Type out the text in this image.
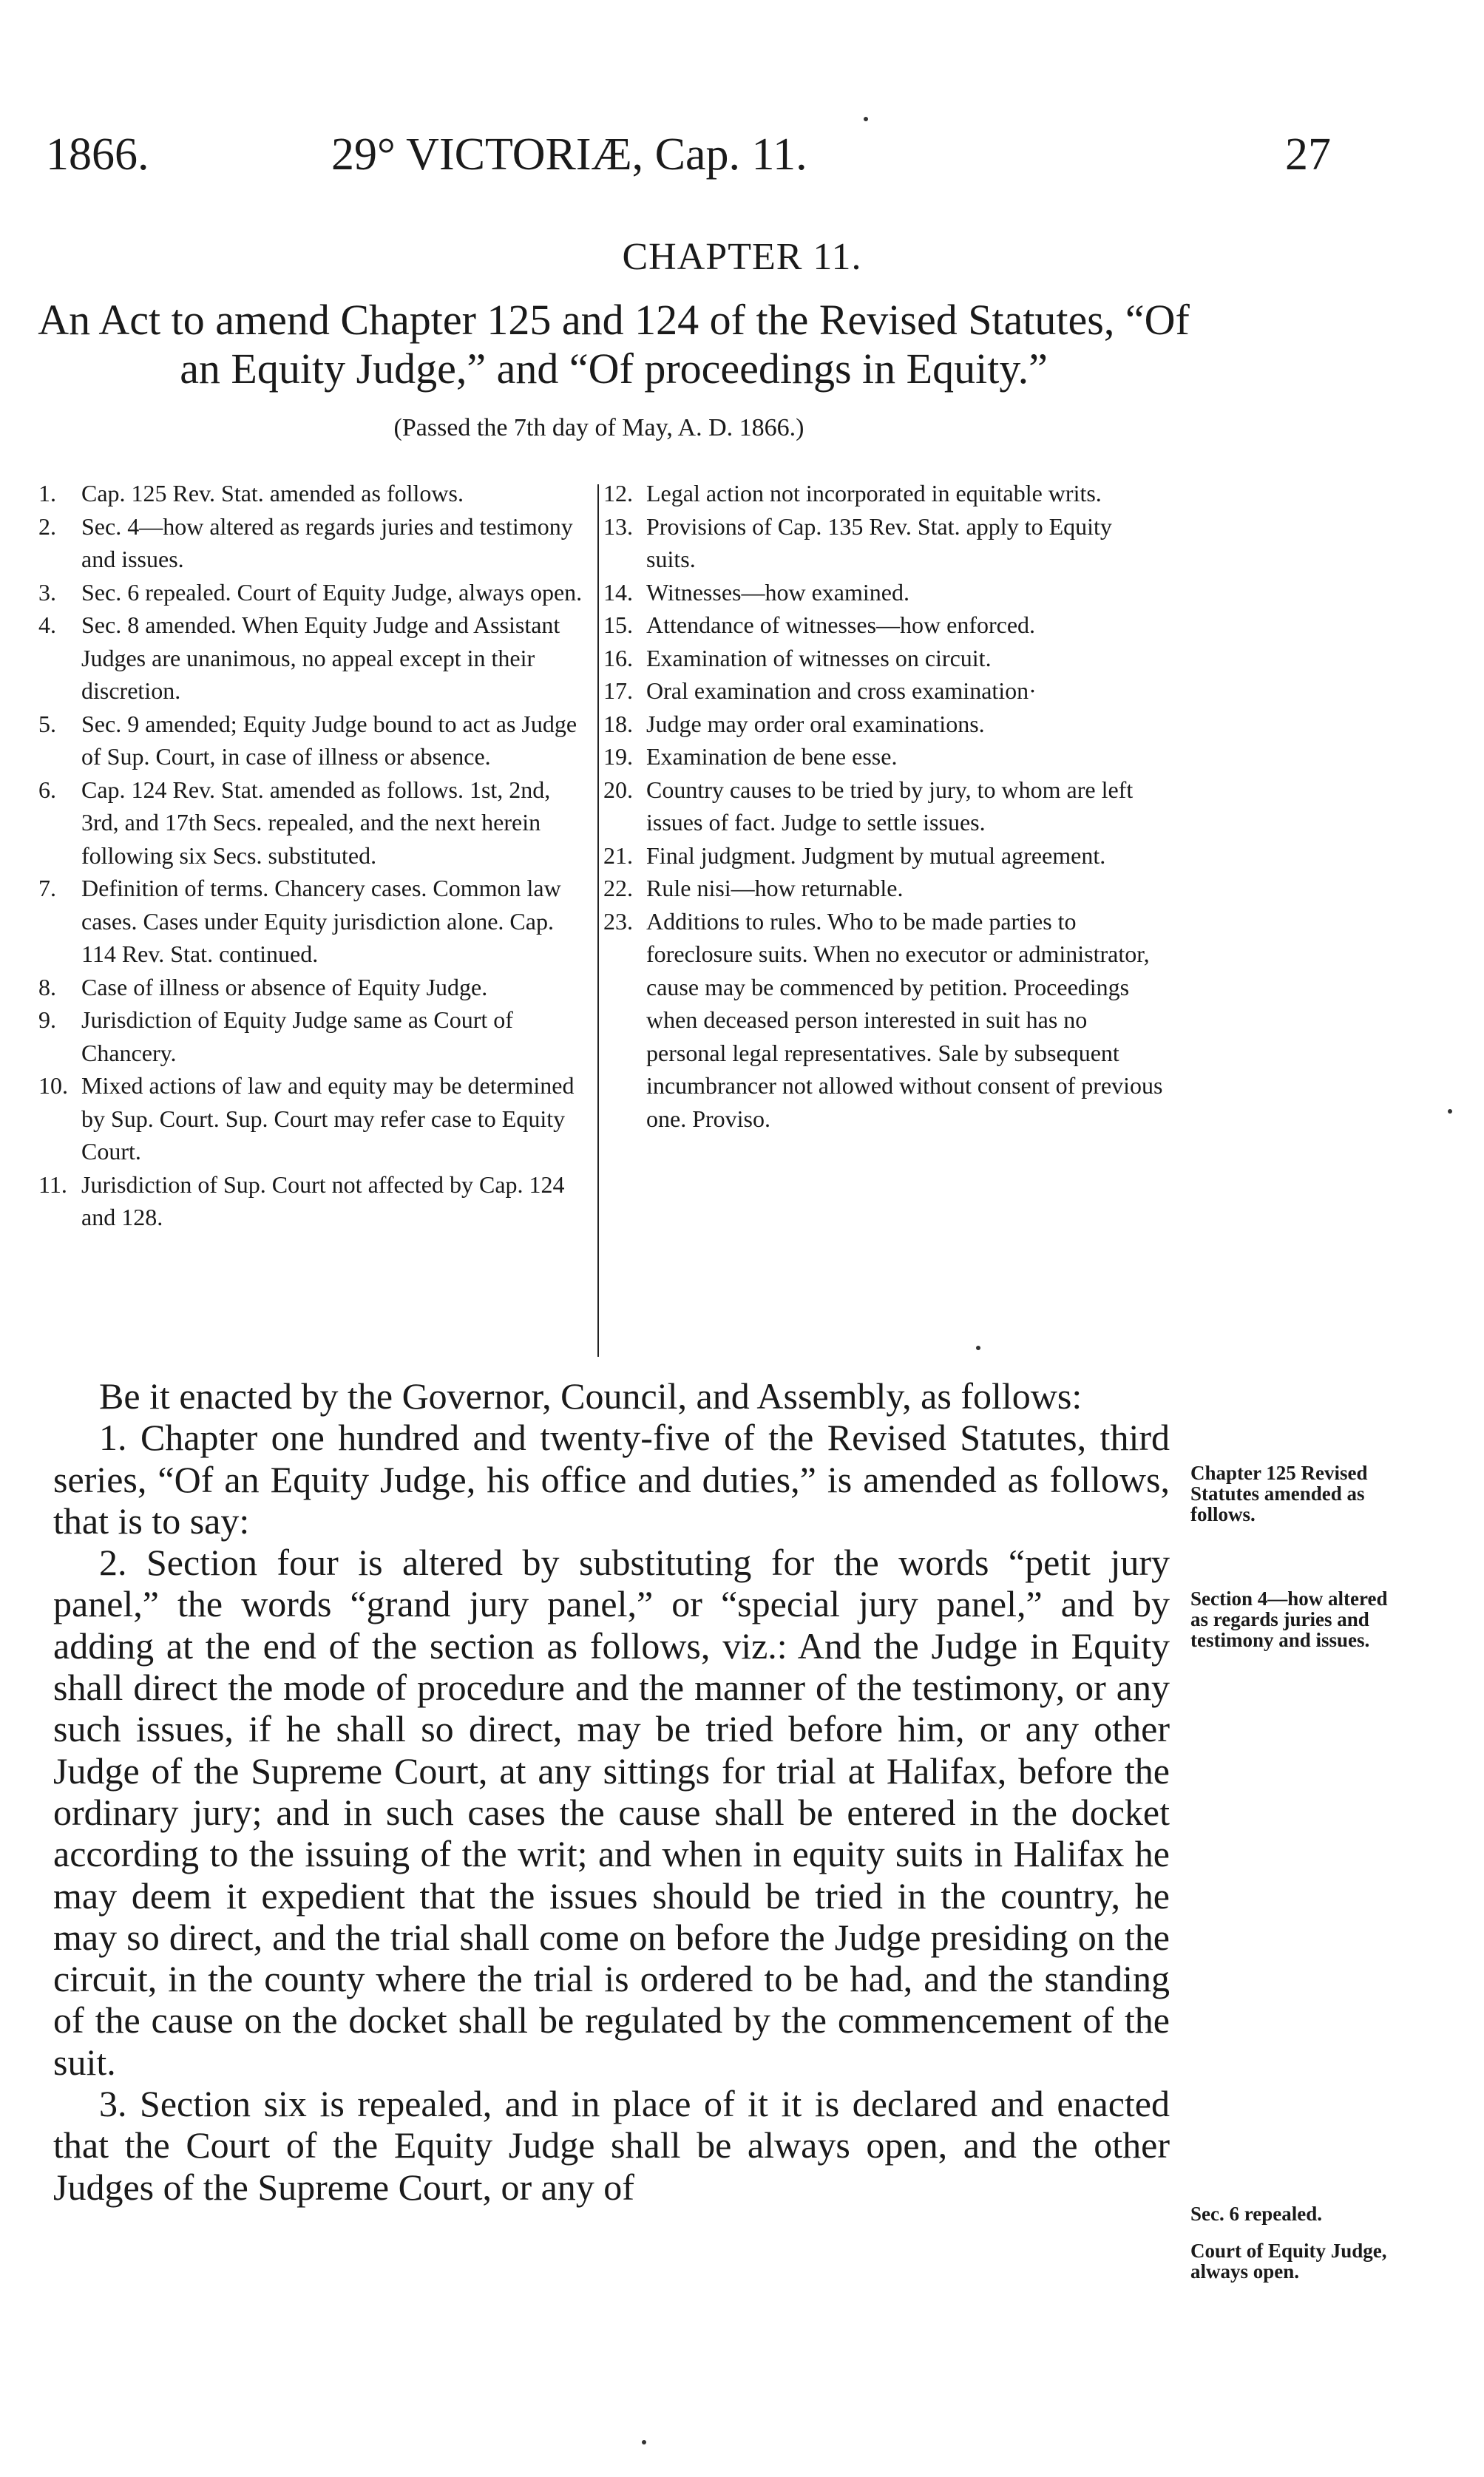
1866.	29° VICTORIÆ, Cap. 11.	27
CHAPTER 11.
An Act to amend Chapter 125 and 124 of the Revised Statutes, “Of an Equity Judge,” and “Of proceedings in Equity.”
(Passed the 7th day of May, A. D. 1866.)
1. Cap. 125 Rev. Stat. amended as follows.
2. Sec. 4—how altered as regards juries and testimony and issues.
3. Sec. 6 repealed. Court of Equity Judge, always open.
4. Sec. 8 amended. When Equity Judge and Assistant Judges are unanimous, no appeal except in their discretion.
5. Sec. 9 amended; Equity Judge bound to act as Judge of Sup. Court, in case of illness or absence.
6. Cap. 124 Rev. Stat. amended as follows. 1st, 2nd, 3rd, and 17th Secs. repealed, and the next herein following six Secs. substituted.
7. Definition of terms. Chancery cases. Common law cases. Cases under Equity jurisdiction alone. Cap. 114 Rev. Stat. continued.
8. Case of illness or absence of Equity Judge.
9. Jurisdiction of Equity Judge same as Court of Chancery.
10. Mixed actions of law and equity may be determined by Sup. Court. Sup. Court may refer case to Equity Court.
11. Jurisdiction of Sup. Court not affected by Cap. 124 and 128.
12. Legal action not incorporated in equitable writs.
13. Provisions of Cap. 135 Rev. Stat. apply to Equity suits.
14. Witnesses—how examined.
15. Attendance of witnesses—how enforced.
16. Examination of witnesses on circuit.
17. Oral examination and cross examination·
18. Judge may order oral examinations.
19. Examination de bene esse.
20. Country causes to be tried by jury, to whom are left issues of fact. Judge to settle issues.
21. Final judgment. Judgment by mutual agreement.
22. Rule nisi—how returnable.
23. Additions to rules. Who to be made parties to foreclosure suits. When no executor or administrator, cause may be commenced by petition. Proceedings when deceased person interested in suit has no personal legal representatives. Sale by subsequent incumbrancer not allowed without consent of previous one. Proviso.

Be it enacted by the Governor, Council, and Assembly, as follows:

1. Chapter one hundred and twenty-five of the Revised Statutes, third series, “Of an Equity Judge, his office and duties,” is amended as follows, that is to say:

2. Section four is altered by substituting for the words “petit jury panel,” the words “grand jury panel,” or “special jury panel,” and by adding at the end of the section as follows, viz.: And the Judge in Equity shall direct the mode of procedure and the manner of the testimony, or any such issues, if he shall so direct, may be tried before him, or any other Judge of the Supreme Court, at any sittings for trial at Halifax, before the ordinary jury; and in such cases the cause shall be entered in the docket according to the issuing of the writ; and when in equity suits in Halifax he may deem it expedient that the issues should be tried in the country, he may so direct, and the trial shall come on before the Judge presiding on the circuit, in the county where the trial is ordered to be had, and the standing of the cause on the docket shall be regulated by the commencement of the suit.

3. Section six is repealed, and in place of it it is declared and enacted that the Court of the Equity Judge shall be always open, and the other Judges of the Supreme Court, or any of

Chapter 125 Revised Statutes amended as follows.
Section 4—how altered as regards juries and testimony and issues.
Sec. 6 repealed.
Court of Equity Judge, always open.
